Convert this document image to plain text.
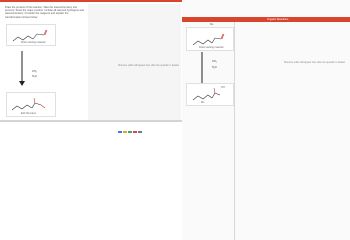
Draw the product of the reaction. Take the stereochemistry into account. Show the major product. Include all relevant hydrogens and stereochemistry. Consider the reagents and explain the transformation shown below.

Draw starting material
CH₃
H₂O
Edit Structure
Structure editor will appear here after the question is loaded
Organic Reactions
Me
Draw starting material
CH₃
H₂O
OH
Me
Structure editor will appear here after the question is loaded
